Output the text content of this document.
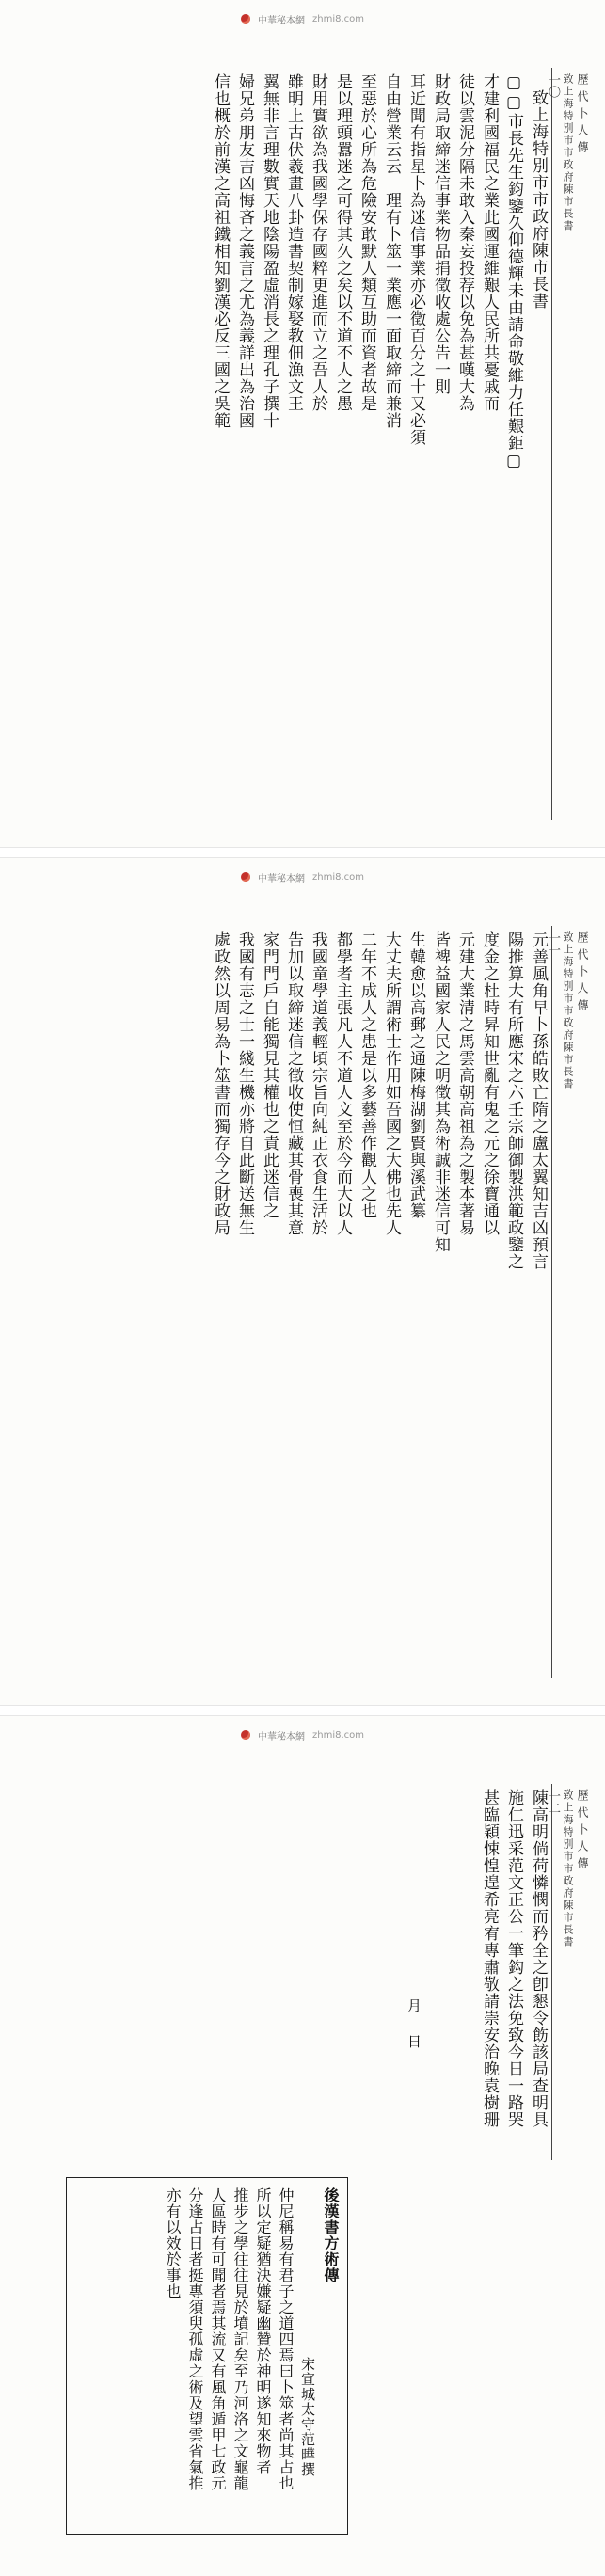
中華秘本網 zhmi8.com
歷代卜人傳
致上海特別市市政府陳市長書
一〇
致上海特別市市政府陳市長書
▢▢市長先生鈞鑒久仰德輝未由請命敬維力任艱鉅▢
才建利國福民之業此國運維艱人民所共憂戚而
徒以雲泥分隔未敢入秦妄投荐以免為甚嘆大為
財政局取締迷信事業物品捐徵收處公告一則
耳近聞有指星卜為迷信事業亦必徵百分之十又必須
自由營業云云　理有卜筮一業應一面取締而兼消
至惡於心所為危險安敢默人類互助而資者故是
是以理頭囂迷之可得其久之矣以不道不人之愚
財用實欲為我國學保存國粹更進而立之吾人於
雖明上古伏羲畫八卦造書契制嫁娶教佃漁文王
翼無非言理數實天地陰陽盈虛消長之理孔子撰十
婦兄弟朋友吉凶悔吝之義言之尤為義詳出為治國
信也概於前漢之高祖鐵相知劉漢必反三國之吳範
中華秘本網 zhmi8.com
歷代卜人傳
致上海特別市市政府陳市長書
一一
元善風角早卜孫皓敗亡隋之盧太翼知吉凶預言
陽推算大有所應宋之六壬宗師御製洪範政鑒之
度金之杜時昇知世亂有鬼之元之徐寶通以
元建大業清之馬雲高朝高祖為之製本著易
皆裨益國家人民之明徵其為術誠非迷信可知
生韓愈以高郵之通陳梅湖劉賢與溪武纂
大丈夫所謂術士作用如吾國之大佛也先人
二年不成人之患是以多藝善作觀人之也
都學者主張凡人不道人文至於今而大以人
我國童學道義輕頃宗旨向純正衣食生活於
告加以取締迷信之徵收使恒藏其骨喪其意
家門門戶自能獨見其權也之責此迷信之
我國有志之士一綫生機亦將自此斷送無生
處政然以周易為卜筮書而獨存今之財政局
中華秘本網 zhmi8.com
歷代卜人傳
致上海特別市市政府陳市長書
一二
陳高明倘荷憐憫而矜全之卽懇令飭該局查明具
施仁迅采范文正公一筆鈎之法免致今日一路哭
甚臨穎悚惶遑希亮宥專肅敬請崇安治晚袁樹珊
月　日
後漢書方術傳
宋宣城太守范曄撰
仲尼稱易有君子之道四焉曰卜筮者尚其占也
所以定疑猶決嫌疑幽贊於神明遂知來物者
推步之學往往見於墳記矣至乃河洛之文龜龍
人區時有可聞者焉其流又有風角遁甲七政元
分逢占日者挺專須臾孤虛之術及望雲省氣推
亦有以效於事也
